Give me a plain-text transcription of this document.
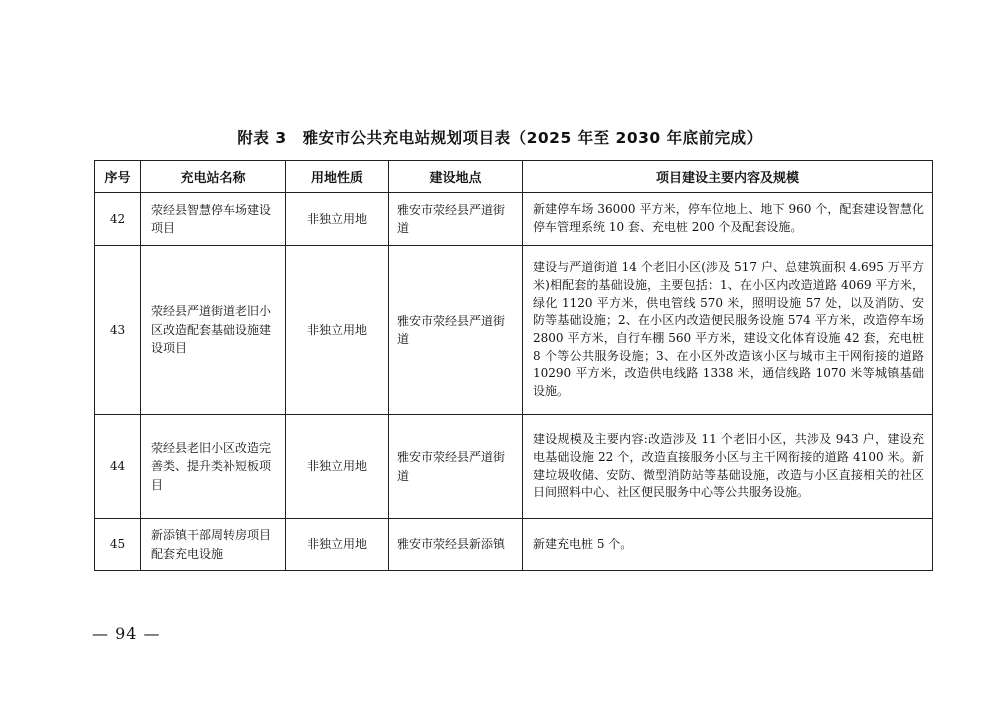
附表 3　雅安市公共充电站规划项目表（2025 年至 2030 年底前完成）
序号	充电站名称	用地性质	建设地点	项目建设主要内容及规模
42	荥经县智慧停车场建设项目	非独立用地	雅安市荥经县严道街道	新建停车场 36000 平方米，停车位地上、地下 960 个，配套建设智慧化停车管理系统 10 套、充电桩 200 个及配套设施。
43	荥经县严道街道老旧小区改造配套基础设施建设项目	非独立用地	雅安市荥经县严道街道	建设与严道街道 14 个老旧小区(涉及 517 户、总建筑面积 4.695 万平方米)相配套的基础设施，主要包括：1、在小区内改造道路 4069 平方米，绿化 1120 平方米，供电管线 570 米，照明设施 57 处，以及消防、安防等基础设施；2、在小区内改造便民服务设施 574 平方米，改造停车场 2800 平方米，自行车棚 560 平方米，建设文化体育设施 42 套，充电桩 8 个等公共服务设施；3、在小区外改造该小区与城市主干网衔接的道路 10290 平方米，改造供电线路 1338 米，通信线路 1070 米等城镇基础设施。
44	荥经县老旧小区改造完善类、提升类补短板项目	非独立用地	雅安市荥经县严道街道	建设规模及主要内容:改造涉及 11 个老旧小区，共涉及 943 户，建设充电基础设施 22 个，改造直接服务小区与主干网衔接的道路 4100 米。新建垃圾收储、安防、微型消防站等基础设施，改造与小区直接相关的社区日间照料中心、社区便民服务中心等公共服务设施。
45	新添镇干部周转房项目配套充电设施	非独立用地	雅安市荥经县新添镇	新建充电桩 5 个。
— 94 —
